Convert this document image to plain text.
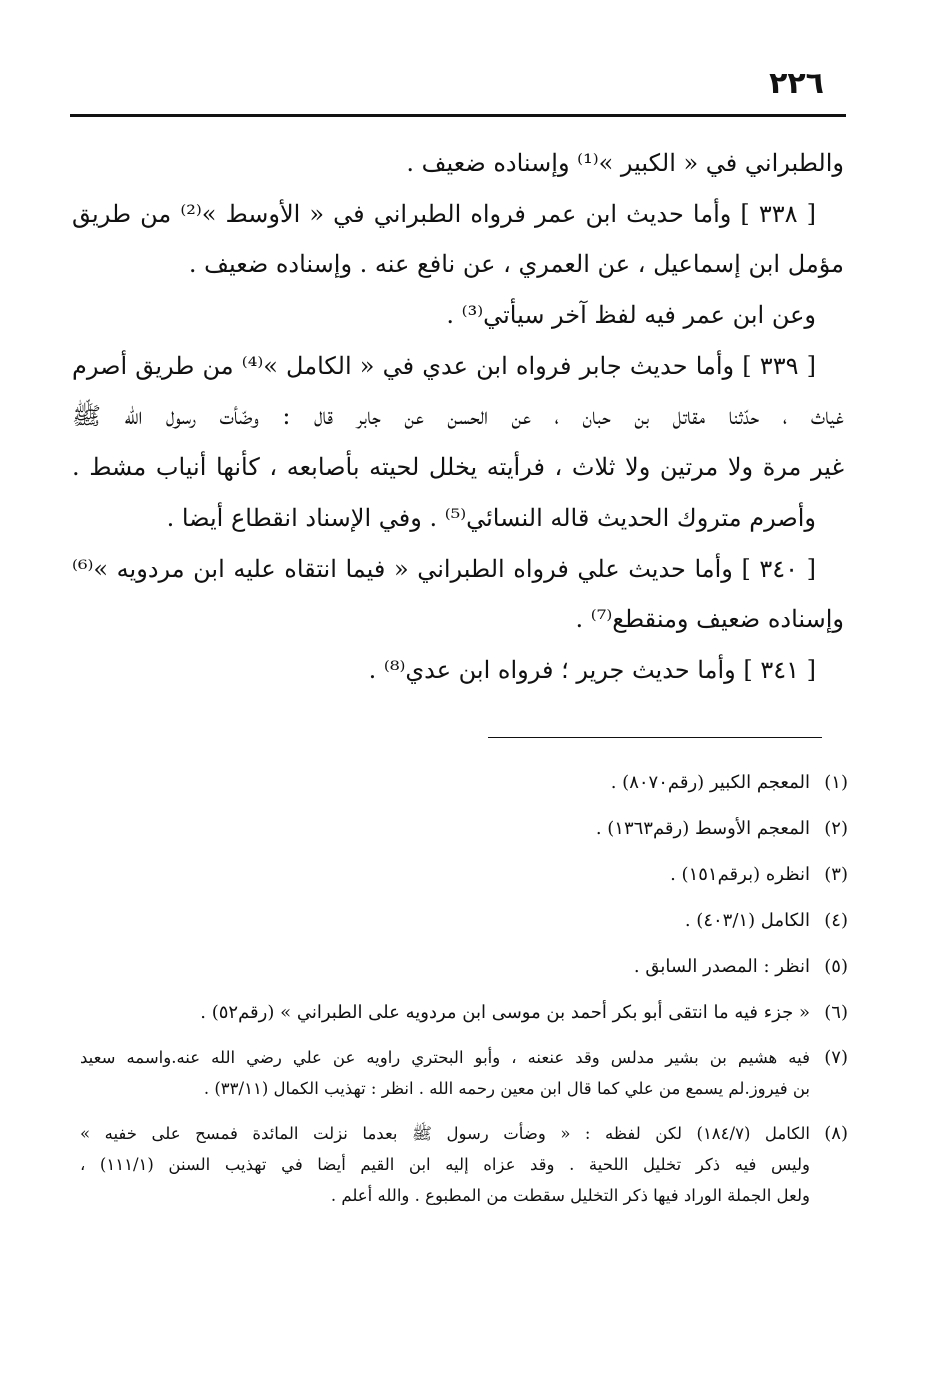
٢٢٦
والطبراني في « الكبير »⁽¹⁾ وإسناده ضعيف .
[ ٣٣٨ ] وأما حديث ابن عمر فرواه الطبراني في « الأوسط »⁽²⁾ من طريق
مؤمل ابن إسماعيل ، عن العمري ، عن نافع عنه . وإسناده ضعيف .
وعن ابن عمر فيه لفظ آخر سيأتي⁽³⁾ .
[ ٣٣٩ ] وأما حديث جابر فرواه ابن عدي في « الكامل »⁽⁴⁾ من طريق أصرم
غياث ، حدّثنا مقاتل بن حبان ، عن الحسن عن جابر قال : وضّأت رسول الله ﷺ
غير مرة ولا مرتين ولا ثلاث ، فرأيته يخلل لحيته بأصابعه ، كأنها أنياب مشط .
وأصرم متروك الحديث قاله النسائي⁽⁵⁾ . وفي الإسناد انقطاع أيضا .
[ ٣٤٠ ] وأما حديث علي فرواه الطبراني « فيما انتقاه عليه ابن مردويه »⁽⁶⁾
وإسناده ضعيف ومنقطع⁽⁷⁾ .
[ ٣٤١ ] وأما حديث جرير ؛ فرواه ابن عدي⁽⁸⁾ .
(١)
المعجم الكبير (رقم٨٠٧٠) .
(٢)
المعجم الأوسط (رقم١٣٦٣) .
(٣)
انظره (برقم١٥١) .
(٤)
الكامل (٤٠٣/١) .
(٥)
انظر : المصدر السابق .
(٦)
« جزء فيه ما انتقى أبو بكر أحمد بن موسى ابن مردويه على الطبراني » (رقم٥٢) .
(٧)
فيه هشيم بن بشير مدلس وقد عنعنه ، وأبو البحتري راويه عن علي رضي الله عنه.واسمه سعيد
بن فيروز.لم يسمع من علي كما قال ابن معين رحمه الله . انظر : تهذيب الكمال (٣٣/١١) .
(٨)
الكامل (١٨٤/٧) لكن لفظه : « وضأت رسول ﷺ بعدما نزلت المائدة فمسح على خفيه »
وليس فيه ذكر تخليل اللحية . وقد عزاه إليه ابن القيم أيضا في تهذيب السنن (١١١/١) ،
ولعل الجملة الوراد فيها ذكر التخليل سقطت من المطبوع . والله أعلم .
